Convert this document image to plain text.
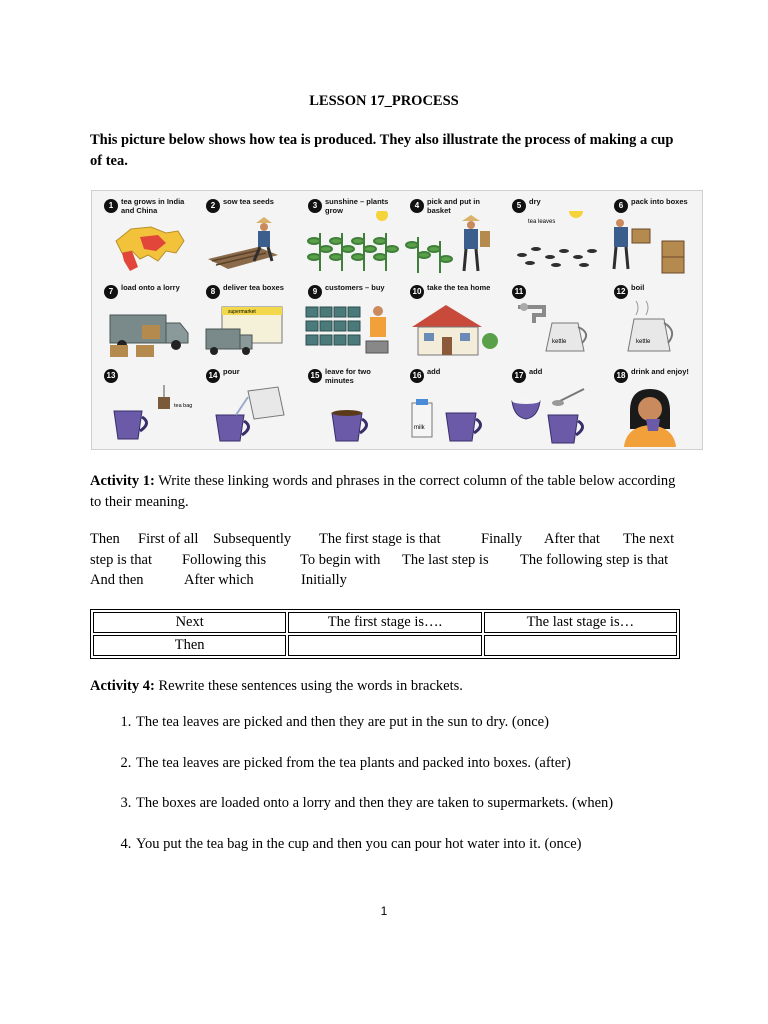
LESSON 17_PROCESS
This picture below shows how tea is produced. They also illustrate the process of making a cup of tea.
1	tea grows in India and China	2	sow tea seeds	3	sunshine – plants grow	4	pick and put in basket	5	dry
tea leaves
6	pack into boxes
7	load onto a lorry	8	deliver tea boxes
supermarket
9	customers – buy	10 take the tea home	11
kettle
12 boil
kettle
13
tea bag
14 pour	15 leave for two minutes	16 add
milk
17 add	18 drink and enjoy!
Activity 1: Write these linking words and phrases in the correct column of the table below according to their meaning.
Then First of all Subsequently The first stage is that	Finally After that The next
step is that Following this To begin with The last step is The following step is that
And then	After which	Initially
Next	The first stage is….	The last stage is…
Then		
Activity 4: Rewrite these sentences using the words in brackets.
1. The tea leaves are picked and then they are put in the sun to dry. (once)
2. The tea leaves are picked from the tea plants and packed into boxes. (after)
3. The boxes are loaded onto a lorry and then they are taken to supermarkets. (when)
4. You put the tea bag in the cup and then you can pour hot water into it. (once)
1
